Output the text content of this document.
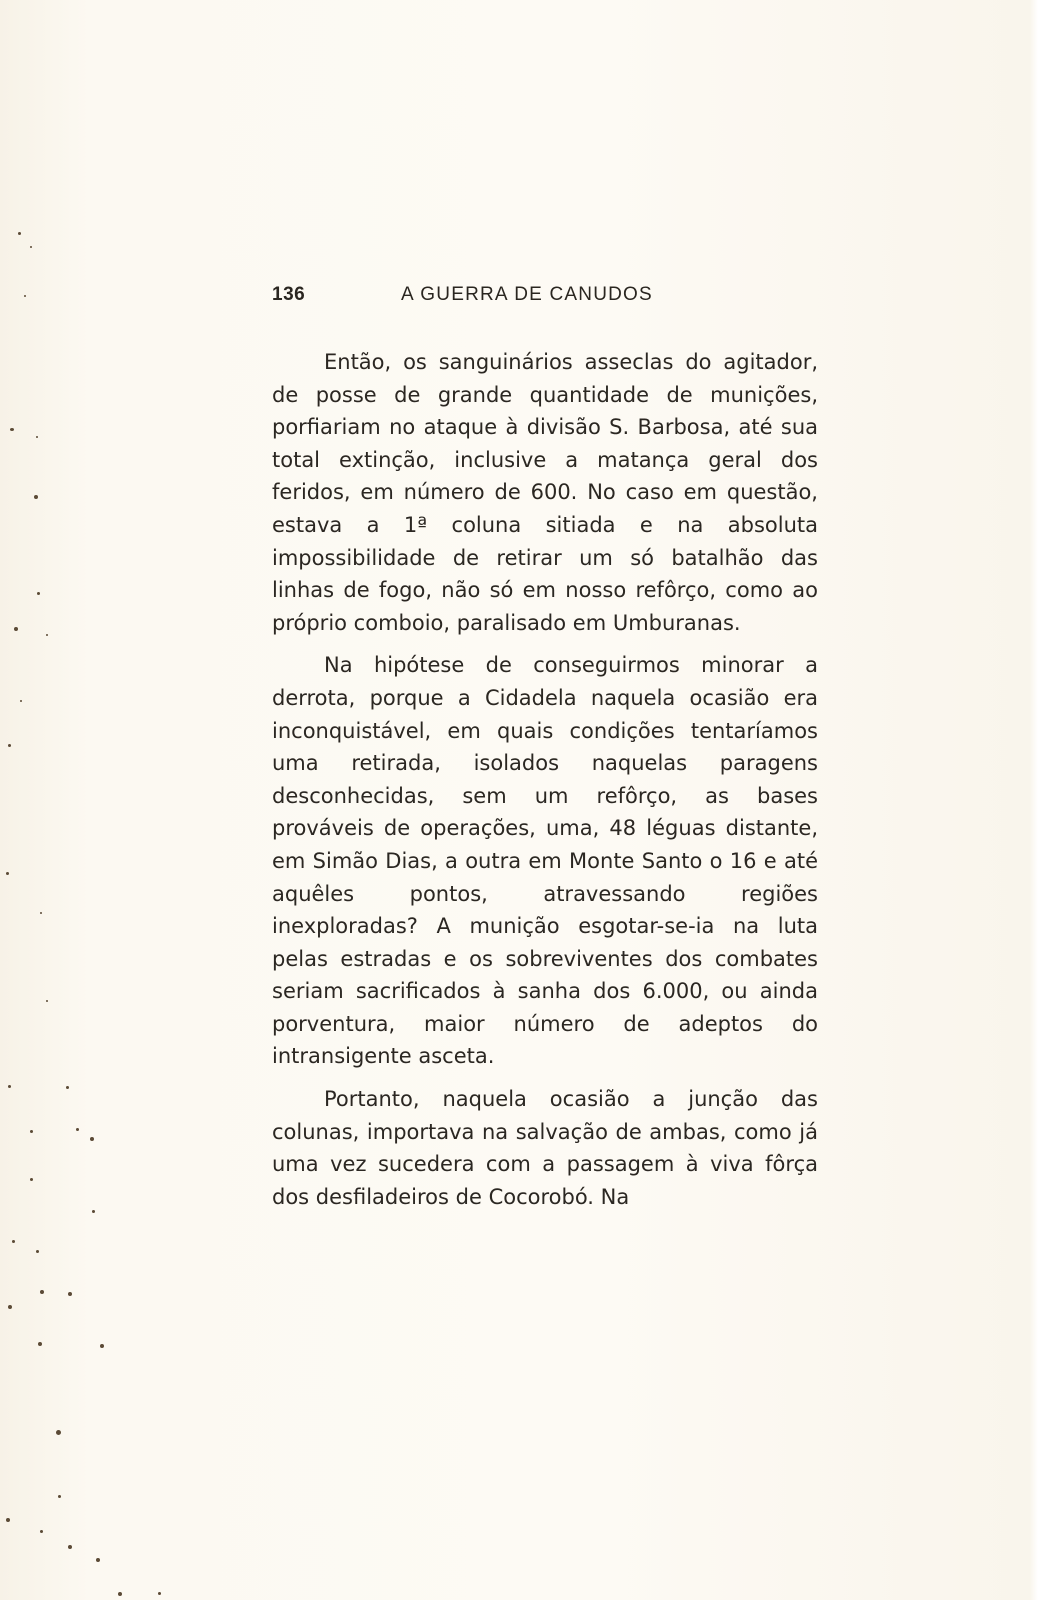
136	A GUERRA DE CANUDOS

Então, os sanguinários asseclas do agitador, de posse de grande quantidade de munições, porfiariam no ataque à divisão S. Barbosa, até sua total extinção, inclusive a matança geral dos feridos, em número de 600. No caso em questão, estava a 1ª coluna sitiada e na absoluta impossibilidade de retirar um só batalhão das linhas de fogo, não só em nosso refôrço, como ao próprio comboio, paralisado em Umburanas.

Na hipótese de conseguirmos minorar a derrota, porque a Cidadela naquela ocasião era inconquistável, em quais condições tentaríamos uma retirada, isolados naquelas paragens desconhecidas, sem um refôrço, as bases prováveis de operações, uma, 48 léguas distante, em Simão Dias, a outra em Monte Santo o 16 e até aquêles pontos, atravessando regiões inexploradas? A munição esgotar-se-ia na luta pelas estradas e os sobreviventes dos combates seriam sacrificados à sanha dos 6.000, ou ainda porventura, maior número de adeptos do intransigente asceta.

Portanto, naquela ocasião a junção das colunas, importava na salvação de ambas, como já uma vez sucedera com a passagem à viva fôrça dos desfiladeiros de Cocorobó. Na
